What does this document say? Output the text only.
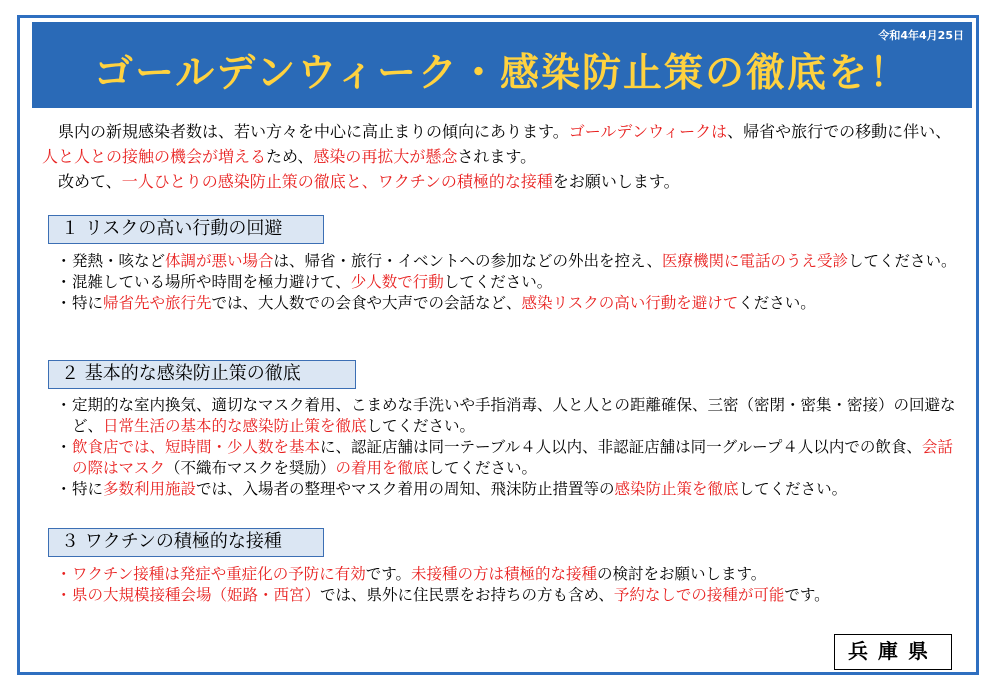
令和4年4月25日
ゴールデンウィーク・感染防止策の徹底を！

県内の新規感染者数は、若い方々を中心に高止まりの傾向にあります。ゴールデンウィークは、帰省や旅行での移動に伴い、人と人との接触の機会が増えるため、感染の再拡大が懸念されます。

改めて、一人ひとりの感染防止策の徹底と、ワクチンの積極的な接種をお願いします。

１ リスクの高い行動の回避
・ 発熱・咳など体調が悪い場合は、帰省・旅行・イベントへの参加などの外出を控え、医療機関に電話のうえ受診してください。
・ 混雑している場所や時間を極力避けて、少人数で行動してください。
・ 特に帰省先や旅行先では、大人数での会食や大声での会話など、感染リスクの高い行動を避けてください。
２ 基本的な感染防止策の徹底
・ 定期的な室内換気、適切なマスク着用、こまめな手洗いや手指消毒、人と人との距離確保、三密（密閉・密集・密接）の回避など、日常生活の基本的な感染防止策を徹底してください。
・ 飲食店では、短時間・少人数を基本に、認証店舗は同一テーブル４人以内、非認証店舗は同一グループ４人以内での飲食、会話の際はマスク（不織布マスクを奨励）の着用を徹底してください。
・ 特に多数利用施設では、入場者の整理やマスク着用の周知、飛沫防止措置等の感染防止策を徹底してください。
３ ワクチンの積極的な接種
・ ワクチン接種は発症や重症化の予防に有効です。未接種の方は積極的な接種の検討をお願いします。
・ 県の大規模接種会場（姫路・西宮）では、県外に住民票をお持ちの方も含め、予約なしでの接種が可能です。
兵庫県
